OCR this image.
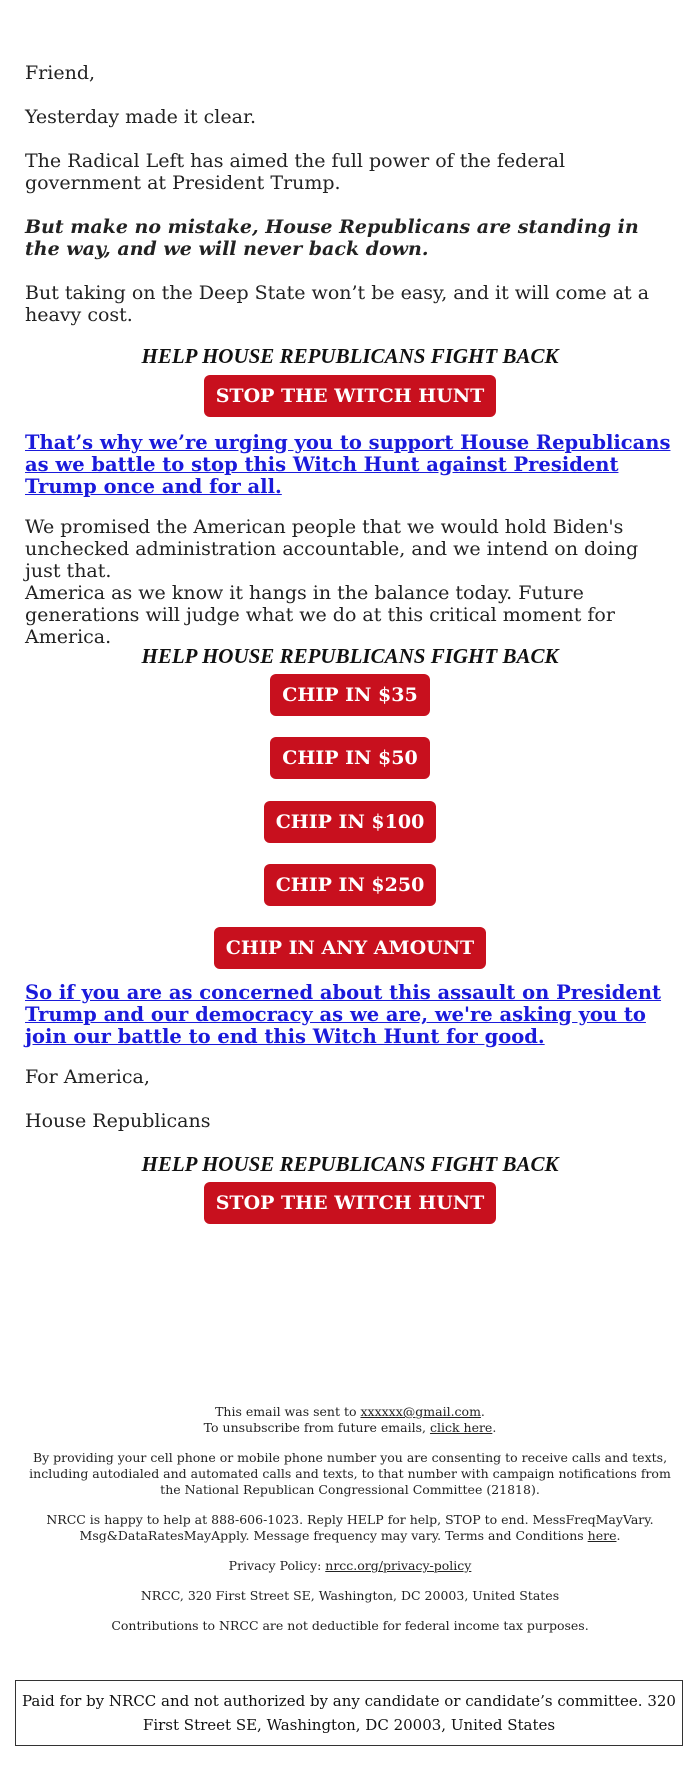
Friend,

Yesterday made it clear.

The Radical Left has aimed the full power of the federal government at President Trump.

But make no mistake, House Republicans are standing in the way, and we will never back down.

But taking on the Deep State won’t be easy, and it will come at a heavy cost.

HELP HOUSE REPUBLICANS FIGHT BACK

STOP THE WITCH HUNT
That’s why we’re urging you to support House Republicans as we battle to stop this Witch Hunt against President Trump once and for all.

We promised the American people that we would hold Biden's unchecked administration accountable, and we intend on doing just that.

America as we know it hangs in the balance today. Future generations will judge what we do at this critical moment for America.

HELP HOUSE REPUBLICANS FIGHT BACK

CHIP IN $35
CHIP IN $50
CHIP IN $100
CHIP IN $250
CHIP IN ANY AMOUNT
So if you are as concerned about this assault on President Trump and our democracy as we are, we're asking you to join our battle to end this Witch Hunt for good.

For America,

House Republicans

HELP HOUSE REPUBLICANS FIGHT BACK

STOP THE WITCH HUNT

This email was sent to xxxxxx@gmail.com.

To unsubscribe from future emails, click here.

By providing your cell phone or mobile phone number you are consenting to receive calls and texts, including autodialed and automated calls and texts, to that number with campaign notifications from the National Republican Congressional Committee (21818).

NRCC is happy to help at 888-606-1023. Reply HELP for help, STOP to end. MessFreqMayVary. Msg&DataRatesMayApply. Message frequency may vary. Terms and Conditions here.

Privacy Policy: nrcc.org/privacy-policy

NRCC, 320 First Street SE, Washington, DC 20003, United States

Contributions to NRCC are not deductible for federal income tax purposes.

Paid for by NRCC and not authorized by any candidate or candidate’s committee. 320 First Street SE, Washington, DC 20003, United States
